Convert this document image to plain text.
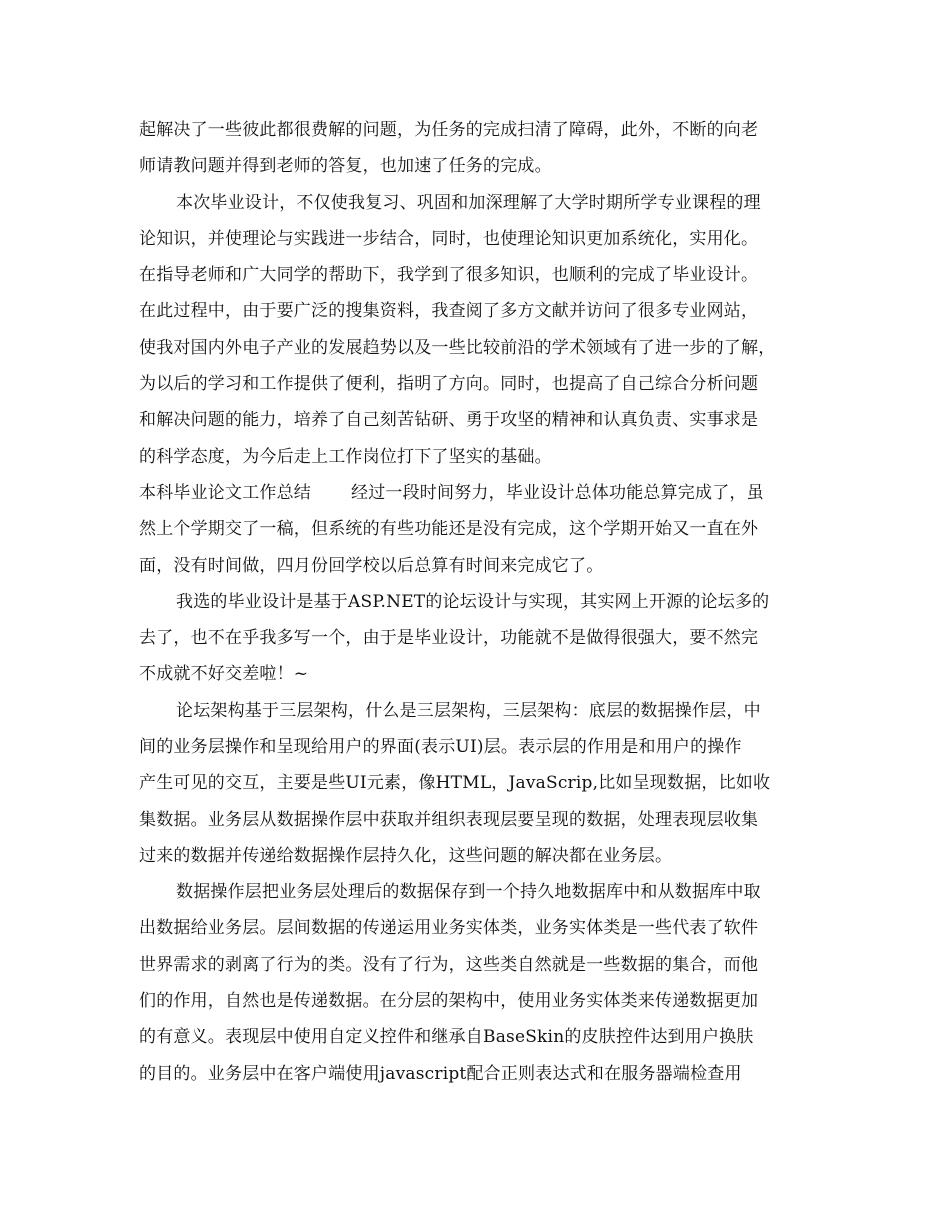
起解决了一些彼此都很费解的问题，为任务的完成扫清了障碍，此外，不断的向老
师请教问题并得到老师的答复，也加速了任务的完成。
本次毕业设计，不仅使我复习、巩固和加深理解了大学时期所学专业课程的理
论知识，并使理论与实践进一步结合，同时，也使理论知识更加系统化，实用化。
在指导老师和广大同学的帮助下，我学到了很多知识，也顺利的完成了毕业设计。
在此过程中，由于要广泛的搜集资料，我查阅了多方文献并访问了很多专业网站，
使我对国内外电子产业的发展趋势以及一些比较前沿的学术领域有了进一步的了解，
为以后的学习和工作提供了便利，指明了方向。同时，也提高了自己综合分析问题
和解决问题的能力，培养了自己刻苦钻研、勇于攻坚的精神和认真负责、实事求是
的科学态度，为今后走上工作岗位打下了坚实的基础。
本科毕业论文工作总结 经过一段时间努力，毕业设计总体功能总算完成了，虽
然上个学期交了一稿，但系统的有些功能还是没有完成，这个学期开始又一直在外
面，没有时间做，四月份回学校以后总算有时间来完成它了。
我选的毕业设计是基于ASP.NET的论坛设计与实现，其实网上开源的论坛多的
去了，也不在乎我多写一个，由于是毕业设计，功能就不是做得很强大，要不然完
不成就不好交差啦！~
论坛架构基于三层架构，什么是三层架构，三层架构：底层的数据操作层，中
间的业务层操作和呈现给用户的界面(表示UI)层。表示层的作用是和用户的操作
产生可见的交互，主要是些UI元素，像HTML，JavaScrip,比如呈现数据，比如收
集数据。业务层从数据操作层中获取并组织表现层要呈现的数据，处理表现层收集
过来的数据并传递给数据操作层持久化，这些问题的解决都在业务层。
数据操作层把业务层处理后的数据保存到一个持久地数据库中和从数据库中取
出数据给业务层。层间数据的传递运用业务实体类，业务实体类是一些代表了软件
世界需求的剥离了行为的类。没有了行为，这些类自然就是一些数据的集合，而他
们的作用，自然也是传递数据。在分层的架构中，使用业务实体类来传递数据更加
的有意义。表现层中使用自定义控件和继承自BaseSkin的皮肤控件达到用户换肤
的目的。业务层中在客户端使用javascript配合正则表达式和在服务器端检查用
